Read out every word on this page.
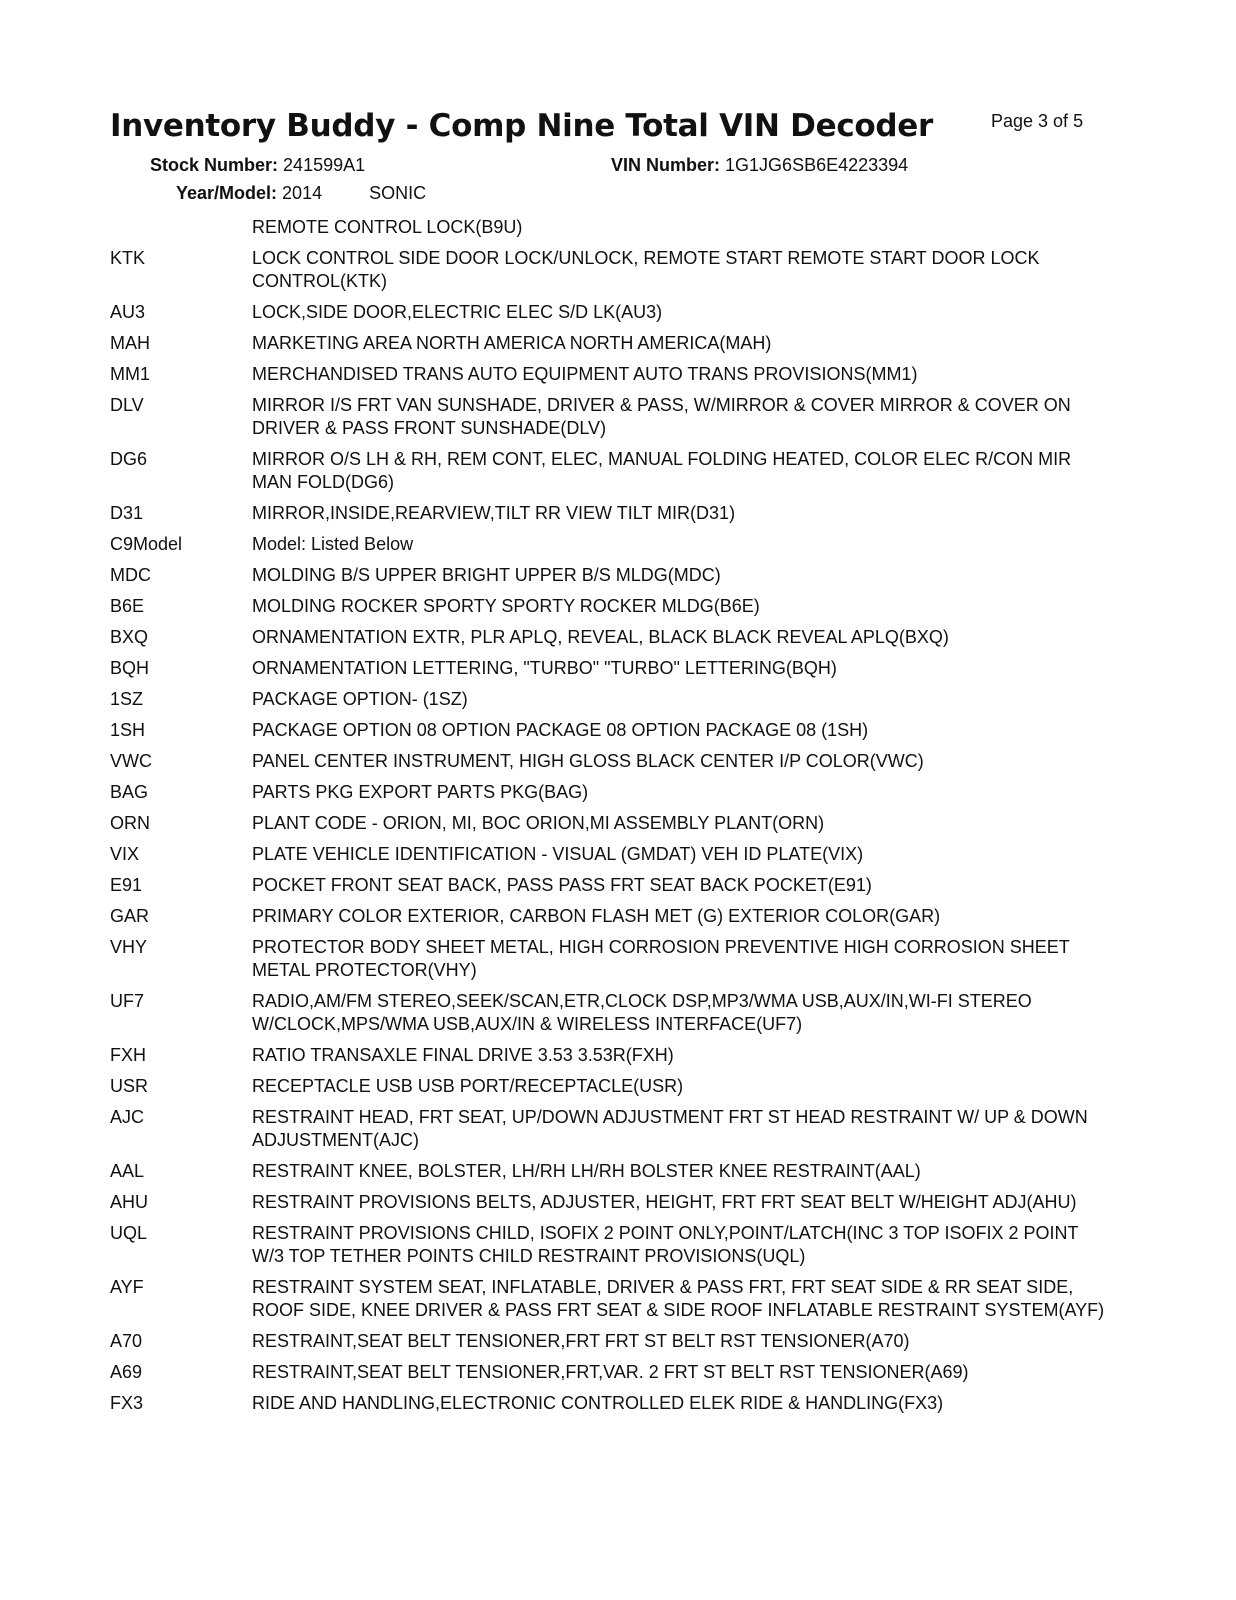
Inventory Buddy - Comp Nine Total VIN Decoder	Page 3 of 5
Stock Number: 241599A1	VIN Number: 1G1JG6SB6E4223394
Year/Model: 2014	SONIC
REMOTE CONTROL LOCK(B9U)
KTK	LOCK CONTROL SIDE DOOR LOCK/UNLOCK, REMOTE START REMOTE START DOOR LOCK CONTROL(KTK)
AU3	LOCK,SIDE DOOR,ELECTRIC ELEC S/D LK(AU3)
MAH	MARKETING AREA NORTH AMERICA NORTH AMERICA(MAH)
MM1	MERCHANDISED TRANS AUTO EQUIPMENT AUTO TRANS PROVISIONS(MM1)
DLV	MIRROR I/S FRT VAN SUNSHADE, DRIVER & PASS, W/MIRROR & COVER MIRROR & COVER ON DRIVER & PASS FRONT SUNSHADE(DLV)
DG6	MIRROR O/S LH & RH, REM CONT, ELEC, MANUAL FOLDING HEATED, COLOR ELEC R/CON MIR MAN FOLD(DG6)
D31	MIRROR,INSIDE,REARVIEW,TILT RR VIEW TILT MIR(D31)
C9Model	Model: Listed Below
MDC	MOLDING B/S UPPER BRIGHT UPPER B/S MLDG(MDC)
B6E	MOLDING ROCKER SPORTY SPORTY ROCKER MLDG(B6E)
BXQ	ORNAMENTATION EXTR, PLR APLQ, REVEAL, BLACK BLACK REVEAL APLQ(BXQ)
BQH	ORNAMENTATION LETTERING, "TURBO" "TURBO" LETTERING(BQH)
1SZ	PACKAGE OPTION- (1SZ)
1SH	PACKAGE OPTION 08 OPTION PACKAGE 08 OPTION PACKAGE 08 (1SH)
VWC	PANEL CENTER INSTRUMENT, HIGH GLOSS BLACK CENTER I/P COLOR(VWC)
BAG	PARTS PKG EXPORT PARTS PKG(BAG)
ORN	PLANT CODE - ORION, MI, BOC ORION,MI ASSEMBLY PLANT(ORN)
VIX	PLATE VEHICLE IDENTIFICATION - VISUAL (GMDAT) VEH ID PLATE(VIX)
E91	POCKET FRONT SEAT BACK, PASS PASS FRT SEAT BACK POCKET(E91)
GAR	PRIMARY COLOR EXTERIOR, CARBON FLASH MET (G) EXTERIOR COLOR(GAR)
VHY	PROTECTOR BODY SHEET METAL, HIGH CORROSION PREVENTIVE HIGH CORROSION SHEET METAL PROTECTOR(VHY)
UF7	RADIO,AM/FM STEREO,SEEK/SCAN,ETR,CLOCK DSP,MP3/WMA USB,AUX/IN,WI-FI STEREO W/CLOCK,MPS/WMA USB,AUX/IN & WIRELESS INTERFACE(UF7)
FXH	RATIO TRANSAXLE FINAL DRIVE 3.53 3.53R(FXH)
USR	RECEPTACLE USB USB PORT/RECEPTACLE(USR)
AJC	RESTRAINT HEAD, FRT SEAT, UP/DOWN ADJUSTMENT FRT ST HEAD RESTRAINT W/ UP & DOWN ADJUSTMENT(AJC)
AAL	RESTRAINT KNEE, BOLSTER, LH/RH LH/RH BOLSTER KNEE RESTRAINT(AAL)
AHU	RESTRAINT PROVISIONS BELTS, ADJUSTER, HEIGHT, FRT FRT SEAT BELT W/HEIGHT ADJ(AHU)
UQL	RESTRAINT PROVISIONS CHILD, ISOFIX 2 POINT ONLY,POINT/LATCH(INC 3 TOP ISOFIX 2 POINT W/3 TOP TETHER POINTS CHILD RESTRAINT PROVISIONS(UQL)
AYF	RESTRAINT SYSTEM SEAT, INFLATABLE, DRIVER & PASS FRT, FRT SEAT SIDE & RR SEAT SIDE, ROOF SIDE, KNEE DRIVER & PASS FRT SEAT & SIDE ROOF INFLATABLE RESTRAINT SYSTEM(AYF)
A70	RESTRAINT,SEAT BELT TENSIONER,FRT FRT ST BELT RST TENSIONER(A70)
A69	RESTRAINT,SEAT BELT TENSIONER,FRT,VAR. 2 FRT ST BELT RST TENSIONER(A69)
FX3	RIDE AND HANDLING,ELECTRONIC CONTROLLED ELEK RIDE & HANDLING(FX3)
